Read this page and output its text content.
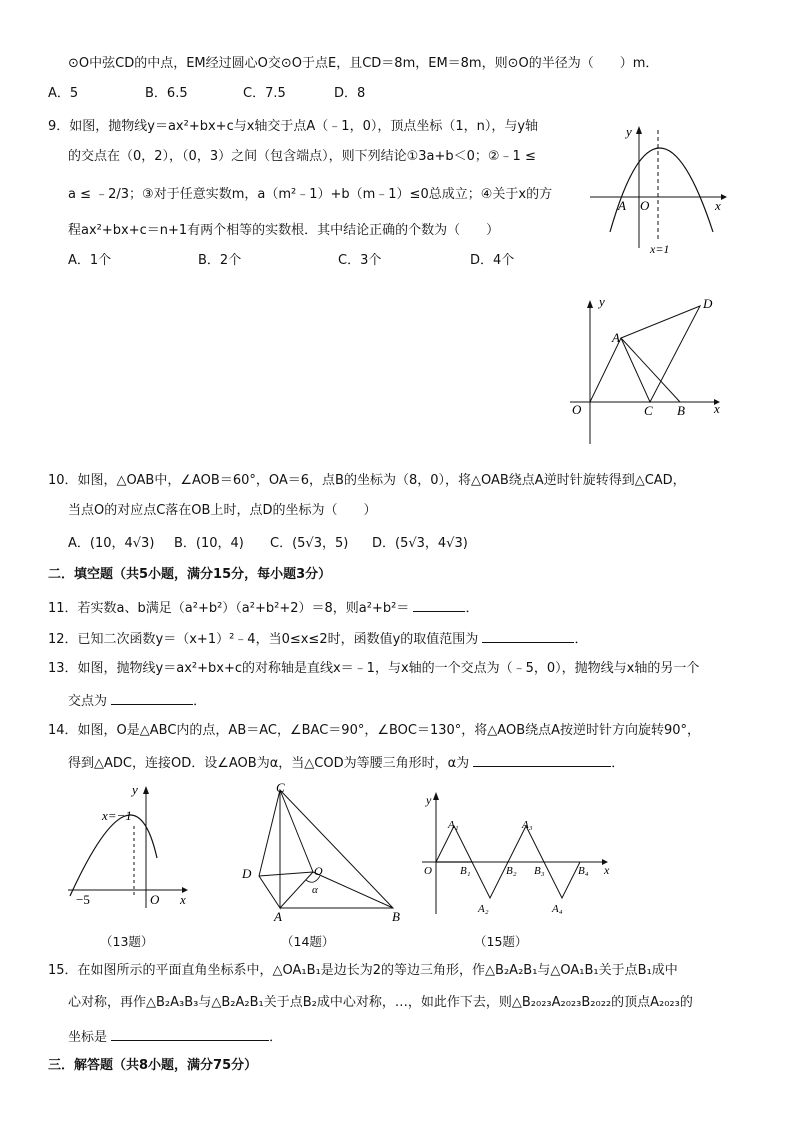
⊙O中弦CD的中点，EM经过圆心O交⊙O于点E，且CD＝8m，EM＝8m，则⊙O的半径为（　　）m．
A．5	B．6.5	C．7.5	D．8
9．如图，抛物线y＝ax²+bx+c与x轴交于点A（﹣1，0），顶点坐标（1，n），与y轴
的交点在（0，2），（0，3）之间（包含端点），则下列结论①3a+b＜0；②﹣1 ≤
a ≤ ﹣2/3；③对于任意实数m，a（m²﹣1）+b（m﹣1）≤0总成立；④关于x的方
程ax²+bx+c＝n+1有两个相等的实数根．其中结论正确的个数为（　　）
A．1个	B．2个	C．3个	D．4个
y
x
A O
x=1
y
x
O
A
C B
D
10．如图，△OAB中，∠AOB＝60°，OA＝6，点B的坐标为（8，0），将△OAB绕点A逆时针旋转得到△CAD，
当点O的对应点C落在OB上时，点D的坐标为（　　）
A．(10，4√3) B．(10，4) C．(5√3，5) D．(5√3，4√3)
二．填空题（共5小题，满分15分，每小题3分）
11．若实数a、b满足（a²+b²）（a²+b²+2）＝8，则a²+b²＝	．
12．已知二次函数y＝（x+1）²﹣4，当0≤x≤2时，函数值y的取值范围为	．
13．如图，抛物线y＝ax²+bx+c的对称轴是直线x＝﹣1，与x轴的一个交点为（﹣5，0），抛物线与x轴的另一个
交点为	．
14．如图，O是△ABC内的点，AB＝AC，∠BAC＝90°，∠BOC＝130°，将△AOB绕点A按逆时针方向旋转90°，
得到△ADC，连接OD．设∠AOB为α，当△COD为等腰三角形时，α为	．
x=−1
y
x
O
−5
（13题）
C
D	O
A	B
α
（14题）
y
x
O
A₁	A₃
A₂	A₄
B₁	B₂ B₃	B₄
（15题）
15．在如图所示的平面直角坐标系中，△OA₁B₁是边长为2的等边三角形，作△B₂A₂B₁与△OA₁B₁关于点B₁成中
心对称，再作△B₂A₃B₃与△B₂A₂B₁关于点B₂成中心对称，…，如此作下去，则△B₂₀₂₃A₂₀₂₃B₂₀₂₂的顶点A₂₀₂₃的
坐标是	．
三．解答题（共8小题，满分75分）
